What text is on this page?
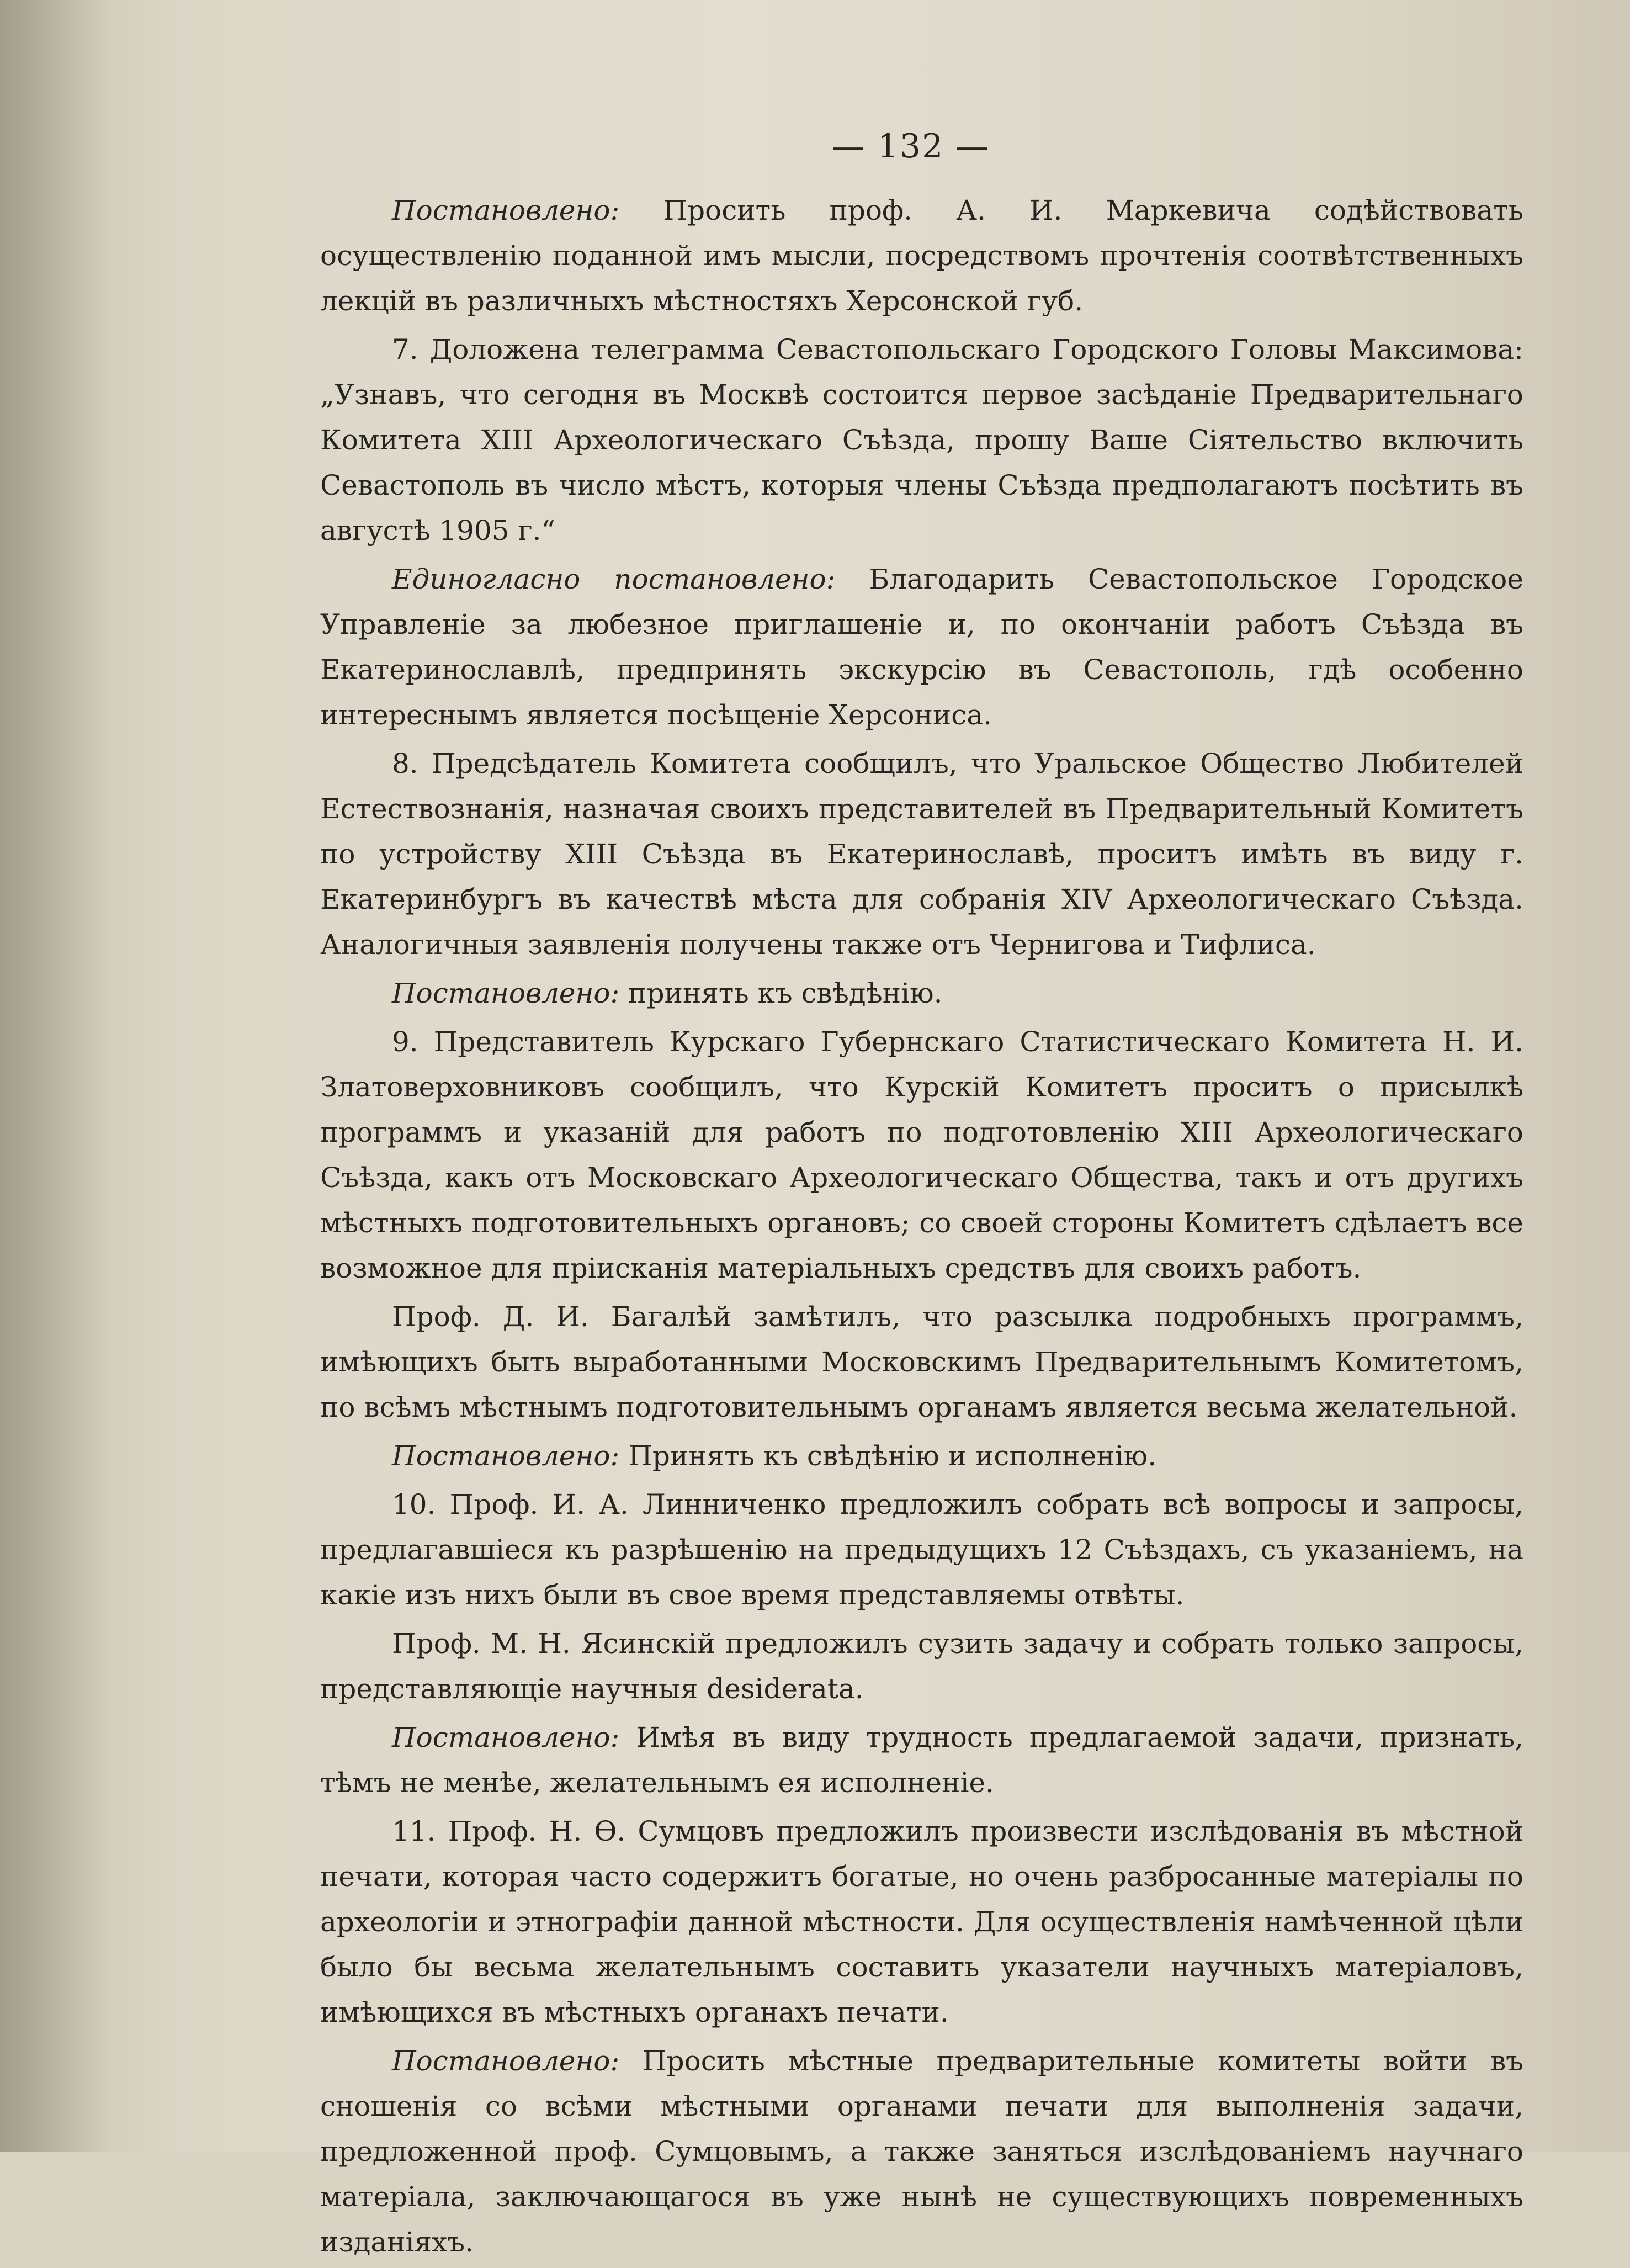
— 132 —

Постановлено: Просить проф. А. И. Маркевича содѣйствовать осуществленію поданной имъ мысли, посредствомъ прочтенія соотвѣтственныхъ лекцій въ различныхъ мѣстностяхъ Херсонской губ.

7. Доложена телеграмма Севастопольскаго Городского Головы Максимова: „Узнавъ, что сегодня въ Москвѣ состоится первое засѣданіе Предварительнаго Комитета XIII Археологическаго Съѣзда, прошу Ваше Сіятельство включить Севастополь въ число мѣстъ, которыя члены Съѣзда предполагаютъ посѣтить въ августѣ 1905 г.“

Единогласно постановлено: Благодарить Севастопольское Городское Управленіе за любезное приглашеніе и, по окончаніи работъ Съѣзда въ Екатеринославлѣ, предпринять экскурсію въ Севастополь, гдѣ особенно интереснымъ является посѣщеніе Херсониса.

8. Предсѣдатель Комитета сообщилъ, что Уральское Общество Любителей Естествознанія, назначая своихъ представителей въ Предварительный Комитетъ по устройству XIII Съѣзда въ Екатеринославѣ, проситъ имѣть въ виду г. Екатеринбургъ въ качествѣ мѣста для собранія XIV Археологическаго Съѣзда. Аналогичныя заявленія получены также отъ Чернигова и Тифлиса.

Постановлено: принять къ свѣдѣнію.

9. Представитель Курскаго Губернскаго Статистическаго Комитета Н. И. Златоверховниковъ сообщилъ, что Курскій Комитетъ проситъ о присылкѣ программъ и указаній для работъ по подготовленію XIII Археологическаго Съѣзда, какъ отъ Московскаго Археологическаго Общества, такъ и отъ другихъ мѣстныхъ подготовительныхъ органовъ; со своей стороны Комитетъ сдѣлаетъ все возможное для пріисканія матеріальныхъ средствъ для своихъ работъ.

Проф. Д. И. Багалѣй замѣтилъ, что разсылка подробныхъ программъ, имѣющихъ быть выработанными Московскимъ Предварительнымъ Комитетомъ, по всѣмъ мѣстнымъ подготовительнымъ органамъ является весьма желательной.

Постановлено: Принять къ свѣдѣнію и исполненію.

10. Проф. И. А. Линниченко предложилъ собрать всѣ вопросы и запросы, предлагавшіеся къ разрѣшенію на предыдущихъ 12 Съѣздахъ, съ указаніемъ, на какіе изъ нихъ были въ свое время представляемы отвѣты.

Проф. М. Н. Ясинскій предложилъ сузить задачу и собрать только запросы, представляющіе научныя desiderata.

Постановлено: Имѣя въ виду трудность предлагаемой задачи, признать, тѣмъ не менѣе, желательнымъ ея исполненіе.

11. Проф. Н. Ѳ. Сумцовъ предложилъ произвести изслѣдованія въ мѣстной печати, которая часто содержитъ богатые, но очень разбросанные матеріалы по археологіи и этнографіи данной мѣстности. Для осуществленія намѣченной цѣли было бы весьма желательнымъ составить указатели научныхъ матеріаловъ, имѣющихся въ мѣстныхъ органахъ печати.

Постановлено: Просить мѣстные предварительные комитеты войти въ сношенія со всѣми мѣстными органами печати для выполненія задачи, предложенной проф. Сумцовымъ, а также заняться изслѣдованіемъ научнаго матеріала, заключающагося въ уже нынѣ не существующихъ повременныхъ изданіяхъ.
